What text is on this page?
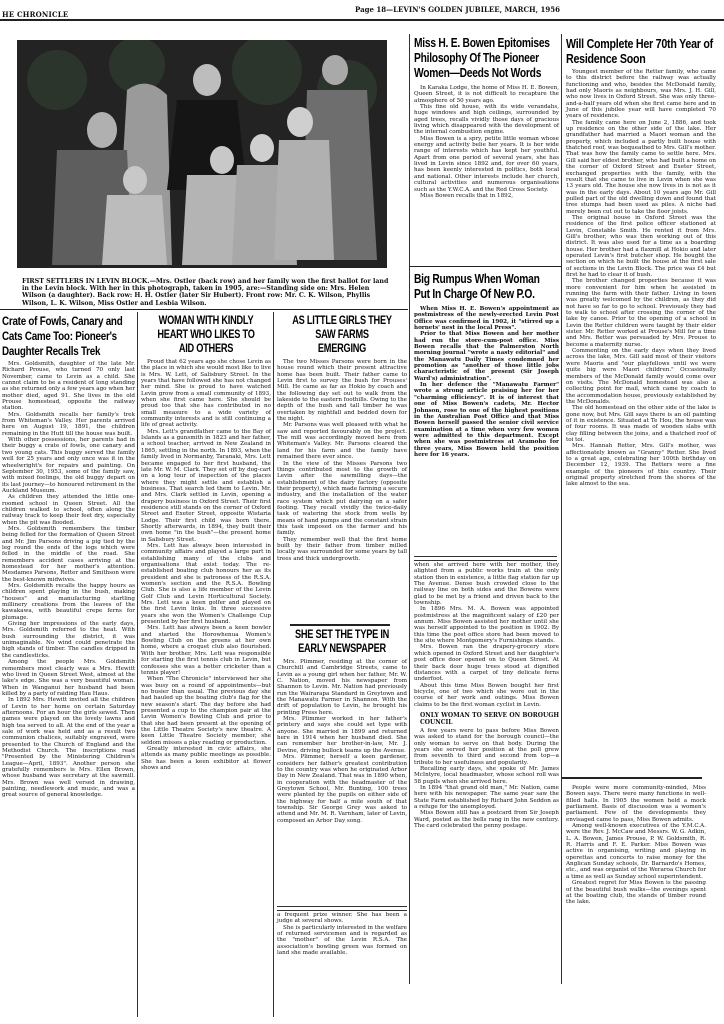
HE CHRONICLE
Page 18—LEVIN'S GOLDEN JUBILEE, MARCH, 1956
FIRST SETTLERS IN LEVIN BLOCK.—Mrs. Ostler (back row) and her family won the first ballot for land in the Levin block. With her in this photograph, taken in 1905, are:—Standing side on: Mrs. Helen Wilson (a daughter). Back row: H. H. Ostler (later Sir Hubert). Front row: Mr. C. K. Wilson, Phyllis Wilson, L. K. Wilson, Miss Ostler and Lesbia Wilson.
Miss H. E. Bowen Epitomises Philosophy Of The Pioneer Women—Deeds Not Words

In Karaka Lodge, the home of Miss H. E. Bowen, Queen Street, it is not difficult to recapture the atmosphere of 50 years ago.

This fine old house, with its wide verandahs, huge windows and high ceilings, surrounded by aged trees, recalls vividly those days of gracious living which disappeared with the development of the internal combustion engine.

Miss Bowen is a spry, petite little woman whose energy and activity belie her years. It is her wide range of interests which has kept her youthful. Apart from one period of several years, she has lived in Levin since 1892 and, for over 60 years, has been keenly interested in politics, both local and national. Other interests include her church, cultural activities and numerous organisations such as the Y.W.C.A. and the Red Cross Society.

Miss Bowen recalls that in 1892,

Big Rumpus When Woman Put In Charge Of New P.O.

When Miss H. E. Bowen's appointment as postmistress of the newly-erected Levin Post Office was confirmed in 1902, it "stirred up a hornets' nest in the local Press".

Prior to that Miss Bowen and her mother had run the store-cum-post office. Miss Bowen recalls that the Palmerston North morning journal "wrote a nasty editorial" and the Manawatu Daily Times condemned her promotion as "another of those little jobs characteristic of the present (Sir Joseph Ward's) administration".

In her defence the "Manawatu Farmer" wrote a strong article praising her for her "charming efficiency". It is of interest that one of Miss Bowen's cadets, Mr. Hector Johnson, rose to one of the highest positions in the Australian Post Office and that Miss Bowen herself passed the senior civil service examination at a time when very few women were admitted to this department. Except when she was postmistress at Aramoho for three years, Miss Bowen held the position here for 16 years.

when she arrived here with her mother, they alighted from a public works train at the only station then in existence, a little flag station far up The Avenue. Dense bush crowded close to the railway line on both sides and the Bowens were glad to be met by a friend and driven back to the township.

In 1896 Mrs. M. A. Bowen was appointed postmistress at the magnificent salary of £20 per annum. Miss Bowen assisted her mother until she was herself appointed to the position in 1902. By this time the post office store had been moved to the site where Montgomery's Furnishings stands.

Mrs. Bowen ran the drapery-grocery store which opened in Oxford Street and her daughter's post office door opened on to Queen Street. At their back door huge trees stood at dignified distances with a carpet of tiny delicate ferns underfoot.

About this time Miss Bowen bought her first bicycle, one of two which she wore out in the course of her work and outings. Miss Bowen claims to be the first woman cyclist in Levin.

ONLY WOMAN TO SERVE ON BOROUGH COUNCIL

A few years were to pass before Miss Bowen was asked to stand for the borough council—the only woman to serve on that body. During the years she served her position at the poll grew from seventh to third and second from top—a tribute to her usefulness and popularity.

Recalling early days, she spoke of Mr. James McIntyre, local headmaster, whose school roll was 58 pupils when she arrived here.

In 1894 "that grand old man," Mr. Nation, came here with his newspaper. The same year saw the State Farm established by Richard John Seddon as a refuge for the unemployed.

Miss Bowen still has a postcard from Sir Joseph Ward, posted as the bells rang in the new century. The card celebrated the penny postage.

Will Complete Her 70th Year of Residence Soon

Youngest member of the Retter family, who came to this district before the railway was actually functioning and who, besides the McDonald family, had only Maoris as neighbours, was Mrs. J. H. Gill, who now lives in Oxford Street. She was only three-and-a-half years old when she first came here and in June of this jubilee year will have completed 70 years of residence.

The family came here on June 2, 1886, and took up residence on the other side of the lake. Her grandfather had married a Maori woman and the property, which included a partly built house with thatched roof, was bequeathed to Mrs. Gill's mother. That was how the family came to settle here. Mrs. Gill said her eldest brother, who had built a home on the corner of Oxford Street and Exeter Street, exchanged properties with the family, with the result that she came to live in Levin when she was 13 years old. The house she now lives in is not as it was in the early days. About 10 years ago Mr. Gill pulled part of the old dwelling down and found that tree stumps had been used as piles. A niche had merely been cut out to take the floor joists.

The original house in Oxford Street was the residence of the first police officer stationed at Levin, Constable Smith. He rented it from Mrs. Gill's brother, who was then working out of this district. It was also used for a time as a boarding house. Her brother had a flaxmill at Hokio and later operated Levin's first butcher shop. He bought the section on which he built the house at the first sale of sections in the Levin Block. The price was £4 but first he had to clear it of bush.

The brother changed properties because it was more convenient for him when he assisted in running the farm with their father. Living in town was greatly welcomed by the children, as they did not have so far to go to school. Previously they had to walk to school after crossing the corner of the lake by canoe. Prior to the opening of a school in Levin the Retter children were taught by their elder sister. Mr. Retter worked at Prouse's Mill for a time and Mrs. Retter was persuaded by Mrs. Prouse to become a maternity nurse.

Commenting on the early days when they lived across the lake, Mrs. Gill said most of their visitors were Maoris and "our playfellows until we were quite big were Maori children." Occasionally members of the McDonald family would come over on visits. The McDonald homestead was also a collecting point for mail, which came by coach to the accommodation house, previously established by the McDonalds.

The old homestead on the other side of the lake is gone now, but Mrs. Gill says there is an oil painting of it in existence. Situated at Te Hou, the house was of four rooms. It was made of wooden slabs with clay filling between the joins, and a thatched roof of toi toi.

Mrs. Hannah Retter, Mrs. Gill's mother, was affectionately known as "Granny" Retter. She lived to a great age, celebrating her 100th birthday on December 12, 1939. The Retters were a fine example of the pioneers of this country. Their original property stretched from the shores of the lake almost to the sea.

People were more community-minded, Miss Bowen says. There were many functions in well-filled halls. In 1905 the women held a mock parliament. Basis of discussion was a women's parliament. Few of the developments they envisaged came to pass, Miss Bowen admits.

Among well-known executives of the Y.M.C.A. were the Rev. J. McCaw and Messrs. W. G. Adkin, L. A. Bowen, James Prouse, P. W. Goldsmith, R. R. Harris and F. E. Parker. Miss Bowen was active in organising, writing and playing in operettas and concerts to raise money for the Anglican Sunday schools, Dr. Barnardo's Homes, etc., and was organist of the Weraroa Church for a time as well as Sunday school superintendent.

Greatest regret for Miss Bowen is the passing of the beautiful bush walks—the evenings spent at the boating club, the stands of timber round the lake.

Crate of Fowls, Canary and Cats Came Too: Pioneer's Daughter Recalls Trek

Mrs. Goldsmith, daughter of the late Mr. Richard Prouse, who turned 70 only last November, came to Levin as a child. She cannot claim to be a resident of long standing as she returned only a few years ago when her mother died, aged 91. She lives in the old Prouse homestead, opposite the railway station.

Mrs. Goldsmith recalls her family's trek from Whiteman's Valley. Her parents arrived here on August 19, 1891, the children remaining in the Hutt till the house was built.

With other possessions, her parents had in their buggy a crate of fowls, one canary and two young cats. This buggy served the family well for 25 years and only once was it in the wheelwright's for repairs and painting. On September 30, 1953, some of the family saw, with mixed feelings, the old buggy depart on its last journey—to honoured retirement in the Auckland Museum.

As children they attended the little one-roomed school in Queen Street. All the children walked to school, often along the railway track to keep their feet dry, especially when the pit was flooded.

Mrs. Goldsmith remembers the timber being felled for the formation of Queen Street and Mr. Jim Parsons driving a pig tied by the leg round the ends of the logs which were felled in the middle of the road. She remembers accident cases arriving at the homestead for her mother's attention. Mesdames Parsons, Retter and Smithson were the best-known midwives.

Mrs. Goldsmith recalls the happy hours as children spent playing in the bush, making "houses" and manufacturing startling millinery creations from the leaves of the kawakawa, with beautiful crepe ferns for plumage.

Giving her impressions of the early days, Mrs. Goldsmith referred to the heat. With bush surrounding the district, it was unimaginable. No wind could penetrate the high stands of timber. The candles dripped in the candlesticks.

Among the people Mrs. Goldsmith remembers most clearly was a Mrs. Hewitt who lived in Queen Street West, almost at the lake's edge. She was a very beautiful woman. When in Wanganui her husband had been killed by a party of raiding Hau Haus.

In 1892 Mrs. Hewitt invited all the children of Levin to her home on certain Saturday afternoons. For an hour the girls sewed. Then games were played on the lovely lawns and high tea served to all. At the end of the year a sale of work was held and as a result two communion chalices, suitably engraved, were presented to the Church of England and the Methodist Church. The inscriptions read "Presented by the Ministering Children's League—April, 1893". Another person she gratefully remembers is Mrs. Ellen Brown, whose husband was secretary at the sawmill. Mrs. Brown was well versed in drawing, painting, needlework and music, and was a great source of general knowledge.

WOMAN WITH KINDLY HEART WHO LIKES TO AID OTHERS

Proud that 62 years ago she chose Levin as the place in which she would most like to live is Mrs. W. Lett, of Salisbury Street. In the years that have followed she has not changed her mind. She is proud to have watched Levin grow from a small community of 1893, when she first came here. She should be proud too that she has contributed in no small measure to a wide variety of community interests and is still continuing a life of great activity.

Mrs. Lett's grandfather came to the Bay of Islands as a gunsmith in 1823 and her father, a school teacher, arrived in New Zealand in 1865, settling in the north. In 1893, when the family lived in Normanby, Taranaki, Mrs. Lett became engaged to her first husband, the late Mr. W. M. Clark. They set off by dog-cart on a long tour of inspection of the places where they might settle and establish a business. That search led them to Levin. Mr. and Mrs. Clark settled in Levin, opening a drapery business in Oxford Street. Their first residence still stands on the corner of Oxford Street and Exeter Street, opposite Wistaria Lodge. Their first child was born there. Shortly afterwards, in 1894, they built their own home "in the bush"—the present home in Salisbury Street.

Mrs. Lett has always been interested in community affairs and played a large part in establishing many of the clubs and organisations that exist today. The re-established boating club honours her as its president and she is patroness of the R.S.A. women's section and the R.S.A. Bowling Club. She is also a life member of the Levin Golf Club and Levin Horticultural Society. Mrs. Lett was a keen golfer and played on the first Levin links. In three successive years she won the Women's Challenge Cup presented by her first husband.

Mrs. Lett has always been a keen bowler and started the Horowhenua Women's Bowling Club on the greens at her own home, where a croquet club also flourished. With her brother, Mrs. Lett was responsible for starting the first tennis club in Levin, but confesses she was a better cricketer than a tennis player!

When "The Chronicle" interviewed her she was busy on a round of appointments—but no busier than usual. The previous day she had hauled up the boating club's flag for the new season's start. The day before she had presented a cup to the champion pair at the Levin Women's Bowling Club and prior to that she had been present at the opening of the Little Theatre Society's new theatre. A keen Little Theatre Society member, she seldom misses a play reading or production.

Greatly interested in civic affairs, she attends as many public meetings as possible. She has been a keen exhibitor at flower shows and

AS LITTLE GIRLS THEY SAW FARMS EMERGING

The two Misses Parsons were born in the house round which their present attractive home has been built. Their father came to Levin first to survey the bush for Prouses' Mill. He came as far as Hokio by coach and the following day set out to walk from the lakeside to the eastern foothills. Owing to the depth of the bush and tall timber he was overtaken by nightfall and bedded down for the night.

Mr. Parsons was well pleased with what he saw and reported favourably on the project. The mill was accordingly moved here from Whiteman's Valley. Mr. Parsons cleared the land for his farm and the family have remained there ever since.

In the view of the Misses Parsons two things contributed most to the growth of Levin after the sawmilling days—the establishment of the dairy factory (opposite their property), which made farming a secure industry, and the installation of the water race system which put dairying on a safer footing. They recall vividly the twice-daily task of watering the stock from wells by means of hand pumps and the constant strain this task imposed on the farmer and his family.

They remember well that the first home built by their father from timber milled locally was surrounded for some years by tall trees and thick undergrowth.

SHE SET THE TYPE IN EARLY NEWSPAPER

Mrs. Plimmer, residing at the corner of Churchill and Cambridge Streets, came to Levin as a young girl when her father, Mr. W. C. Nation, moved his newspaper from Shannon to Levin. Mr. Nation had previously run the Wairarapa Standard in Greytown and the Manawatu Farmer in Shannon. With the drift of population to Levin, he brought his printing Press here.

Mrs. Plimmer worked in her father's printery and says she could set type with anyone. She married in 1899 and returned here in 1914 when her husband died. She can remember her brother-in-law, Mr. J. Devine, driving bullock teams up the Avenue.

Mrs. Plimmer, herself a keen gardener, considers her father's greatest contribution to the country was when he originated Arbor Day in New Zealand. That was in 1890 when, in cooperation with the headmaster of the Greytown School, Mr. Bunting, 100 trees were planted by the pupils on either side of the highway for half a mile south of that township. Sir George Grey was asked to attend and Mr. M. R. Varnham, later of Levin, composed an Arbor Day song.

a frequent prize winner. She has been a judge at several shows.

She is particularly interested in the welfare of returned servicemen and is regarded as the "mother" of the Levin R.S.A. The association's bowling green was formed on land she made available.
